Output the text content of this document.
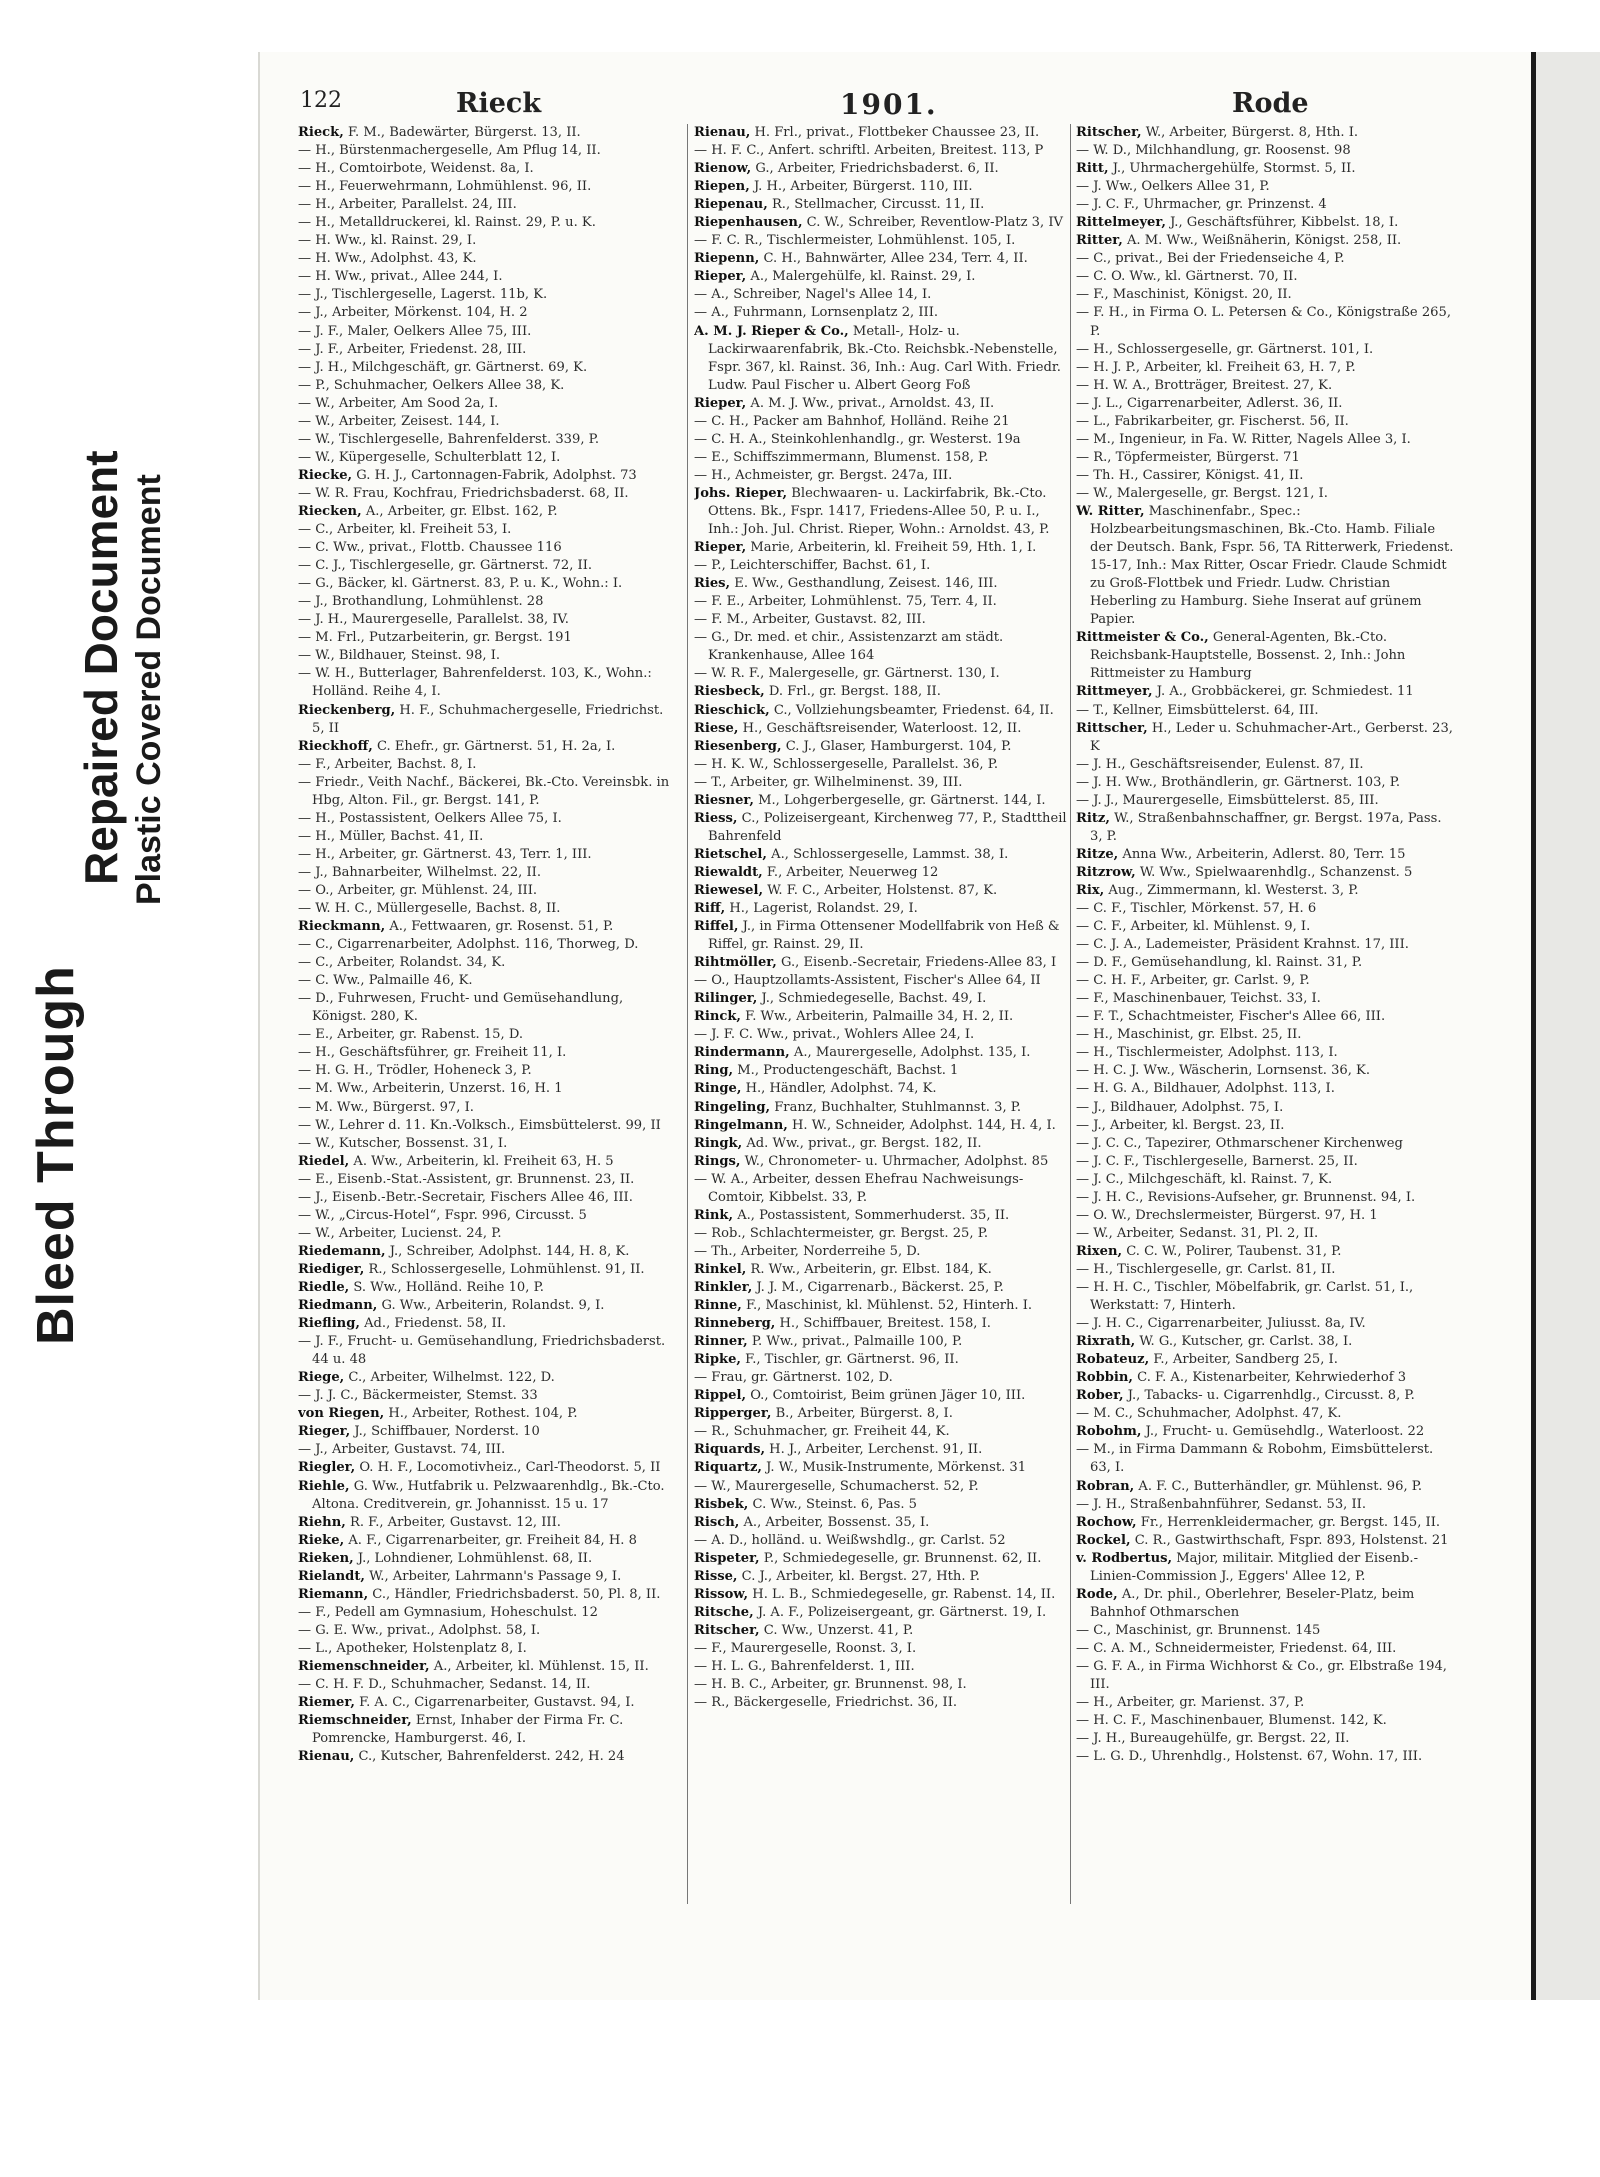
Bleed Through
Repaired Document Plastic Covered Document
122	Rieck	1901.	Rode

Rieck, F. M., Badewärter, Bürgerst. 13, II.

— H., Bürstenmachergeselle, Am Pflug 14, II.

— H., Comtoirbote, Weidenst. 8a, I.

— H., Feuerwehrmann, Lohmühlenst. 96, II.

— H., Arbeiter, Parallelst. 24, III.

— H., Metalldruckerei, kl. Rainst. 29, P. u. K.

— H. Ww., kl. Rainst. 29, I.

— H. Ww., Adolphst. 43, K.

— H. Ww., privat., Allee 244, I.

— J., Tischlergeselle, Lagerst. 11b, K.

— J., Arbeiter, Mörkenst. 104, H. 2

— J. F., Maler, Oelkers Allee 75, III.

— J. F., Arbeiter, Friedenst. 28, III.

— J. H., Milchgeschäft, gr. Gärtnerst. 69, K.

— P., Schuhmacher, Oelkers Allee 38, K.

— W., Arbeiter, Am Sood 2a, I.

— W., Arbeiter, Zeisest. 144, I.

— W., Tischlergeselle, Bahrenfelderst. 339, P.

— W., Küpergeselle, Schulterblatt 12, I.

Riecke, G. H. J., Cartonnagen-Fabrik, Adolphst. 73

— W. R. Frau, Kochfrau, Friedrichsbaderst. 68, II.

Riecken, A., Arbeiter, gr. Elbst. 162, P.

— C., Arbeiter, kl. Freiheit 53, I.

— C. Ww., privat., Flottb. Chaussee 116

— C. J., Tischlergeselle, gr. Gärtnerst. 72, II.

— G., Bäcker, kl. Gärtnerst. 83, P. u. K., Wohn.: I.

— J., Brothandlung, Lohmühlenst. 28

— J. H., Maurergeselle, Parallelst. 38, IV.

— M. Frl., Putzarbeiterin, gr. Bergst. 191

— W., Bildhauer, Steinst. 98, I.

— W. H., Butterlager, Bahrenfelderst. 103, K., Wohn.: Holländ. Reihe 4, I.

Rieckenberg, H. F., Schuhmachergeselle, Friedrichst. 5, II

Rieckhoff, C. Ehefr., gr. Gärtnerst. 51, H. 2a, I.

— F., Arbeiter, Bachst. 8, I.

— Friedr., Veith Nachf., Bäckerei, Bk.-Cto. Vereinsbk. in Hbg, Alton. Fil., gr. Bergst. 141, P.

— H., Postassistent, Oelkers Allee 75, I.

— H., Müller, Bachst. 41, II.

— H., Arbeiter, gr. Gärtnerst. 43, Terr. 1, III.

— J., Bahnarbeiter, Wilhelmst. 22, II.

— O., Arbeiter, gr. Mühlenst. 24, III.

— W. H. C., Müllergeselle, Bachst. 8, II.

Rieckmann, A., Fettwaaren, gr. Rosenst. 51, P.

— C., Cigarrenarbeiter, Adolphst. 116, Thorweg, D.

— C., Arbeiter, Rolandst. 34, K.

— C. Ww., Palmaille 46, K.

— D., Fuhrwesen, Frucht- und Gemüsehandlung, Königst. 280, K.

— E., Arbeiter, gr. Rabenst. 15, D.

— H., Geschäftsführer, gr. Freiheit 11, I.

— H. G. H., Trödler, Hoheneck 3, P.

— M. Ww., Arbeiterin, Unzerst. 16, H. 1

— M. Ww., Bürgerst. 97, I.

— W., Lehrer d. 11. Kn.-Volksch., Eimsbüttelerst. 99, II

— W., Kutscher, Bossenst. 31, I.

Riedel, A. Ww., Arbeiterin, kl. Freiheit 63, H. 5

— E., Eisenb.-Stat.-Assistent, gr. Brunnenst. 23, II.

— J., Eisenb.-Betr.-Secretair, Fischers Allee 46, III.

— W., „Circus-Hotel“, Fspr. 996, Circusst. 5

— W., Arbeiter, Lucienst. 24, P.

Riedemann, J., Schreiber, Adolphst. 144, H. 8, K.

Riediger, R., Schlossergeselle, Lohmühlenst. 91, II.

Riedle, S. Ww., Holländ. Reihe 10, P.

Riedmann, G. Ww., Arbeiterin, Rolandst. 9, I.

Riefling, Ad., Friedenst. 58, II.

— J. F., Frucht- u. Gemüsehandlung, Friedrichsbaderst. 44 u. 48

Riege, C., Arbeiter, Wilhelmst. 122, D.

— J. J. C., Bäckermeister, Stemst. 33

von Riegen, H., Arbeiter, Rothest. 104, P.

Rieger, J., Schiffbauer, Norderst. 10

— J., Arbeiter, Gustavst. 74, III.

Riegler, O. H. F., Locomotivheiz., Carl-Theodorst. 5, II

Riehle, G. Ww., Hutfabrik u. Pelzwaarenhdlg., Bk.-Cto. Altona. Creditverein, gr. Johannisst. 15 u. 17

Riehn, R. F., Arbeiter, Gustavst. 12, III.

Rieke, A. F., Cigarrenarbeiter, gr. Freiheit 84, H. 8

Rieken, J., Lohndiener, Lohmühlenst. 68, II.

Rielandt, W., Arbeiter, Lahrmann's Passage 9, I.

Riemann, C., Händler, Friedrichsbaderst. 50, Pl. 8, II.

— F., Pedell am Gymnasium, Hoheschulst. 12

— G. E. Ww., privat., Adolphst. 58, I.

— L., Apotheker, Holstenplatz 8, I.

Riemenschneider, A., Arbeiter, kl. Mühlenst. 15, II.

— C. H. F. D., Schuhmacher, Sedanst. 14, II.

Riemer, F. A. C., Cigarrenarbeiter, Gustavst. 94, I.

Riemschneider, Ernst, Inhaber der Firma Fr. C. Pomrencke, Hamburgerst. 46, I.

Rienau, C., Kutscher, Bahrenfelderst. 242, H. 24

Rienau, H. Frl., privat., Flottbeker Chaussee 23, II.

— H. F. C., Anfert. schriftl. Arbeiten, Breitest. 113, P

Rienow, G., Arbeiter, Friedrichsbaderst. 6, II.

Riepen, J. H., Arbeiter, Bürgerst. 110, III.

Riepenau, R., Stellmacher, Circusst. 11, II.

Riepenhausen, C. W., Schreiber, Reventlow-Platz 3, IV

— F. C. R., Tischlermeister, Lohmühlenst. 105, I.

Riepenn, C. H., Bahnwärter, Allee 234, Terr. 4, II.

Rieper, A., Malergehülfe, kl. Rainst. 29, I.

— A., Schreiber, Nagel's Allee 14, I.

— A., Fuhrmann, Lornsenplatz 2, III.

A. M. J. Rieper & Co., Metall-, Holz- u. Lackirwaarenfabrik, Bk.-Cto. Reichsbk.-Nebenstelle, Fspr. 367, kl. Rainst. 36, Inh.: Aug. Carl With. Friedr. Ludw. Paul Fischer u. Albert Georg Foß

Rieper, A. M. J. Ww., privat., Arnoldst. 43, II.

— C. H., Packer am Bahnhof, Holländ. Reihe 21

— C. H. A., Steinkohlenhandlg., gr. Westerst. 19a

— E., Schiffszimmermann, Blumenst. 158, P.

— H., Achmeister, gr. Bergst. 247a, III.

Johs. Rieper, Blechwaaren- u. Lackirfabrik, Bk.-Cto. Ottens. Bk., Fspr. 1417, Friedens-Allee 50, P. u. I., Inh.: Joh. Jul. Christ. Rieper, Wohn.: Arnoldst. 43, P.

Rieper, Marie, Arbeiterin, kl. Freiheit 59, Hth. 1, I.

— P., Leichterschiffer, Bachst. 61, I.

Ries, E. Ww., Gesthandlung, Zeisest. 146, III.

— F. E., Arbeiter, Lohmühlenst. 75, Terr. 4, II.

— F. M., Arbeiter, Gustavst. 82, III.

— G., Dr. med. et chir., Assistenzarzt am städt. Krankenhause, Allee 164

— W. R. F., Malergeselle, gr. Gärtnerst. 130, I.

Riesbeck, D. Frl., gr. Bergst. 188, II.

Rieschick, C., Vollziehungsbeamter, Friedenst. 64, II.

Riese, H., Geschäftsreisender, Waterloost. 12, II.

Riesenberg, C. J., Glaser, Hamburgerst. 104, P.

— H. K. W., Schlossergeselle, Parallelst. 36, P.

— T., Arbeiter, gr. Wilhelminenst. 39, III.

Riesner, M., Lohgerbergeselle, gr. Gärtnerst. 144, I.

Riess, C., Polizeisergeant, Kirchenweg 77, P., Stadttheil Bahrenfeld

Rietschel, A., Schlossergeselle, Lammst. 38, I.

Riewaldt, F., Arbeiter, Neuerweg 12

Riewesel, W. F. C., Arbeiter, Holstenst. 87, K.

Riff, H., Lagerist, Rolandst. 29, I.

Riffel, J., in Firma Ottensener Modellfabrik von Heß & Riffel, gr. Rainst. 29, II.

Rihtmöller, G., Eisenb.-Secretair, Friedens-Allee 83, I

— O., Hauptzollamts-Assistent, Fischer's Allee 64, II

Rilinger, J., Schmiedegeselle, Bachst. 49, I.

Rinck, F. Ww., Arbeiterin, Palmaille 34, H. 2, II.

— J. F. C. Ww., privat., Wohlers Allee 24, I.

Rindermann, A., Maurergeselle, Adolphst. 135, I.

Ring, M., Productengeschäft, Bachst. 1

Ringe, H., Händler, Adolphst. 74, K.

Ringeling, Franz, Buchhalter, Stuhlmannst. 3, P.

Ringelmann, H. W., Schneider, Adolphst. 144, H. 4, I.

Ringk, Ad. Ww., privat., gr. Bergst. 182, II.

Rings, W., Chronometer- u. Uhrmacher, Adolphst. 85

— W. A., Arbeiter, dessen Ehefrau Nachweisungs-Comtoir, Kibbelst. 33, P.

Rink, A., Postassistent, Sommerhuderst. 35, II.

— Rob., Schlachtermeister, gr. Bergst. 25, P.

— Th., Arbeiter, Norderreihe 5, D.

Rinkel, R. Ww., Arbeiterin, gr. Elbst. 184, K.

Rinkler, J. J. M., Cigarrenarb., Bäckerst. 25, P.

Rinne, F., Maschinist, kl. Mühlenst. 52, Hinterh. I.

Rinneberg, H., Schiffbauer, Breitest. 158, I.

Rinner, P. Ww., privat., Palmaille 100, P.

Ripke, F., Tischler, gr. Gärtnerst. 96, II.

— Frau, gr. Gärtnerst. 102, D.

Rippel, O., Comtoirist, Beim grünen Jäger 10, III.

Ripperger, B., Arbeiter, Bürgerst. 8, I.

— R., Schuhmacher, gr. Freiheit 44, K.

Riquards, H. J., Arbeiter, Lerchenst. 91, II.

Riquartz, J. W., Musik-Instrumente, Mörkenst. 31

— W., Maurergeselle, Schumacherst. 52, P.

Risbek, C. Ww., Steinst. 6, Pas. 5

Risch, A., Arbeiter, Bossenst. 35, I.

— A. D., holländ. u. Weißwshdlg., gr. Carlst. 52

Rispeter, P., Schmiedegeselle, gr. Brunnenst. 62, II.

Risse, C. J., Arbeiter, kl. Bergst. 27, Hth. P.

Rissow, H. L. B., Schmiedegeselle, gr. Rabenst. 14, II.

Ritsche, J. A. F., Polizeisergeant, gr. Gärtnerst. 19, I.

Ritscher, C. Ww., Unzerst. 41, P.

— F., Maurergeselle, Roonst. 3, I.

— H. L. G., Bahrenfelderst. 1, III.

— H. B. C., Arbeiter, gr. Brunnenst. 98, I.

— R., Bäckergeselle, Friedrichst. 36, II.

Ritscher, W., Arbeiter, Bürgerst. 8, Hth. I.

— W. D., Milchhandlung, gr. Roosenst. 98

Ritt, J., Uhrmachergehülfe, Stormst. 5, II.

— J. Ww., Oelkers Allee 31, P.

— J. C. F., Uhrmacher, gr. Prinzenst. 4

Rittelmeyer, J., Geschäftsführer, Kibbelst. 18, I.

Ritter, A. M. Ww., Weißnäherin, Königst. 258, II.

— C., privat., Bei der Friedenseiche 4, P.

— C. O. Ww., kl. Gärtnerst. 70, II.

— F., Maschinist, Königst. 20, II.

— F. H., in Firma O. L. Petersen & Co., Königstraße 265, P.

— H., Schlossergeselle, gr. Gärtnerst. 101, I.

— H. J. P., Arbeiter, kl. Freiheit 63, H. 7, P.

— H. W. A., Brotträger, Breitest. 27, K.

— J. L., Cigarrenarbeiter, Adlerst. 36, II.

— L., Fabrikarbeiter, gr. Fischerst. 56, II.

— M., Ingenieur, in Fa. W. Ritter, Nagels Allee 3, I.

— R., Töpfermeister, Bürgerst. 71

— Th. H., Cassirer, Königst. 41, II.

— W., Malergeselle, gr. Bergst. 121, I.

W. Ritter, Maschinenfabr., Spec.: Holzbearbeitungsmaschinen, Bk.-Cto. Hamb. Filiale der Deutsch. Bank, Fspr. 56, TA Ritterwerk, Friedenst. 15-17, Inh.: Max Ritter, Oscar Friedr. Claude Schmidt zu Groß-Flottbek und Friedr. Ludw. Christian Heberling zu Hamburg. Siehe Inserat auf grünem Papier.

Rittmeister & Co., General-Agenten, Bk.-Cto. Reichsbank-Hauptstelle, Bossenst. 2, Inh.: John Rittmeister zu Hamburg

Rittmeyer, J. A., Grobbäckerei, gr. Schmiedest. 11

— T., Kellner, Eimsbüttelerst. 64, III.

Rittscher, H., Leder u. Schuhmacher-Art., Gerberst. 23, K

— J. H., Geschäftsreisender, Eulenst. 87, II.

— J. H. Ww., Brothändlerin, gr. Gärtnerst. 103, P.

— J. J., Maurergeselle, Eimsbüttelerst. 85, III.

Ritz, W., Straßenbahnschaffner, gr. Bergst. 197a, Pass. 3, P.

Ritze, Anna Ww., Arbeiterin, Adlerst. 80, Terr. 15

Ritzrow, W. Ww., Spielwaarenhdlg., Schanzenst. 5

Rix, Aug., Zimmermann, kl. Westerst. 3, P.

— C. F., Tischler, Mörkenst. 57, H. 6

— C. F., Arbeiter, kl. Mühlenst. 9, I.

— C. J. A., Lademeister, Präsident Krahnst. 17, III.

— D. F., Gemüsehandlung, kl. Rainst. 31, P.

— C. H. F., Arbeiter, gr. Carlst. 9, P.

— F., Maschinenbauer, Teichst. 33, I.

— F. T., Schachtmeister, Fischer's Allee 66, III.

— H., Maschinist, gr. Elbst. 25, II.

— H., Tischlermeister, Adolphst. 113, I.

— H. C. J. Ww., Wäscherin, Lornsenst. 36, K.

— H. G. A., Bildhauer, Adolphst. 113, I.

— J., Bildhauer, Adolphst. 75, I.

— J., Arbeiter, kl. Bergst. 23, II.

— J. C. C., Tapezirer, Othmarschener Kirchenweg

— J. C. F., Tischlergeselle, Barnerst. 25, II.

— J. C., Milchgeschäft, kl. Rainst. 7, K.

— J. H. C., Revisions-Aufseher, gr. Brunnenst. 94, I.

— O. W., Drechslermeister, Bürgerst. 97, H. 1

— W., Arbeiter, Sedanst. 31, Pl. 2, II.

Rixen, C. C. W., Polirer, Taubenst. 31, P.

— H., Tischlergeselle, gr. Carlst. 81, II.

— H. H. C., Tischler, Möbelfabrik, gr. Carlst. 51, I., Werkstatt: 7, Hinterh.

— J. H. C., Cigarrenarbeiter, Juliusst. 8a, IV.

Rixrath, W. G., Kutscher, gr. Carlst. 38, I.

Robateuz, F., Arbeiter, Sandberg 25, I.

Robbin, C. F. A., Kistenarbeiter, Kehrwiederhof 3

Rober, J., Tabacks- u. Cigarrenhdlg., Circusst. 8, P.

— M. C., Schuhmacher, Adolphst. 47, K.

Robohm, J., Frucht- u. Gemüsehdlg., Waterloost. 22

— M., in Firma Dammann & Robohm, Eimsbüttelerst. 63, I.

Robran, A. F. C., Butterhändler, gr. Mühlenst. 96, P.

— J. H., Straßenbahnführer, Sedanst. 53, II.

Rochow, Fr., Herrenkleidermacher, gr. Bergst. 145, II.

Rockel, C. R., Gastwirthschaft, Fspr. 893, Holstenst. 21

v. Rodbertus, Major, militair. Mitglied der Eisenb.-Linien-Commission J., Eggers' Allee 12, P.

Rode, A., Dr. phil., Oberlehrer, Beseler-Platz, beim Bahnhof Othmarschen

— C., Maschinist, gr. Brunnenst. 145

— C. A. M., Schneidermeister, Friedenst. 64, III.

— G. F. A., in Firma Wichhorst & Co., gr. Elbstraße 194, III.

— H., Arbeiter, gr. Marienst. 37, P.

— H. C. F., Maschinenbauer, Blumenst. 142, K.

— J. H., Bureaugehülfe, gr. Bergst. 22, II.

— L. G. D., Uhrenhdlg., Holstenst. 67, Wohn. 17, III.
